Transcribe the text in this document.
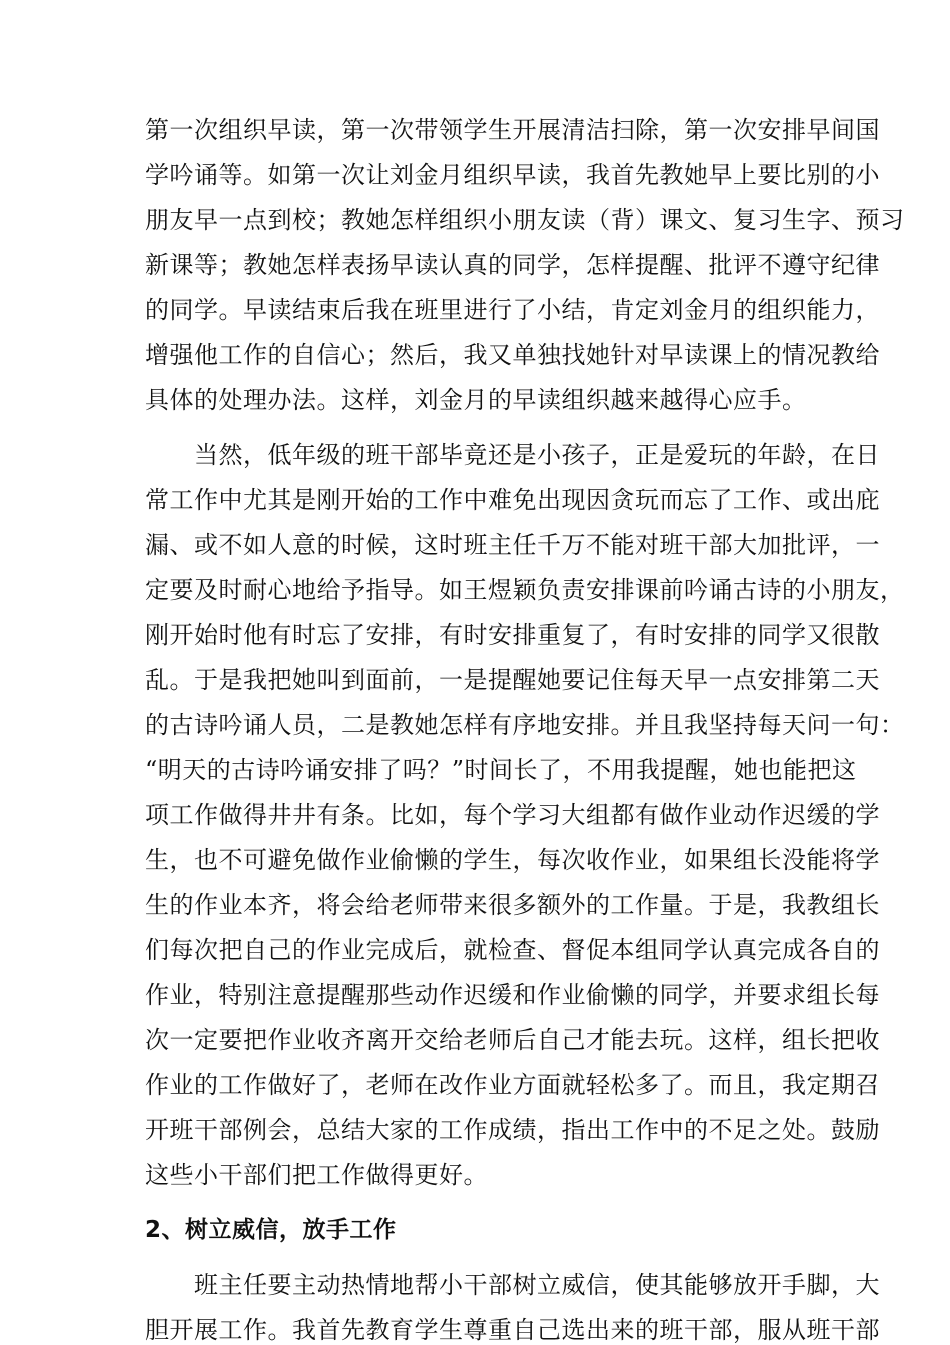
第一次组织早读，第一次带领学生开展清洁扫除，第一次安排早间国
学吟诵等。如第一次让刘金月组织早读，我首先教她早上要比别的小
朋友早一点到校；教她怎样组织小朋友读（背）课文、复习生字、预习
新课等；教她怎样表扬早读认真的同学，怎样提醒、批评不遵守纪律
的同学。早读结束后我在班里进行了小结，肯定刘金月的组织能力，
增强他工作的自信心；然后，我又单独找她针对早读课上的情况教给
具体的处理办法。这样，刘金月的早读组织越来越得心应手。
　　当然，低年级的班干部毕竟还是小孩子，正是爱玩的年龄，在日
常工作中尤其是刚开始的工作中难免出现因贪玩而忘了工作、或出庇
漏、或不如人意的时候，这时班主任千万不能对班干部大加批评，一
定要及时耐心地给予指导。如王煜颖负责安排课前吟诵古诗的小朋友，
刚开始时他有时忘了安排，有时安排重复了，有时安排的同学又很散
乱。于是我把她叫到面前，一是提醒她要记住每天早一点安排第二天
的古诗吟诵人员，二是教她怎样有序地安排。并且我坚持每天问一句：
“明天的古诗吟诵安排了吗？”时间长了，不用我提醒，她也能把这
项工作做得井井有条。比如，每个学习大组都有做作业动作迟缓的学
生，也不可避免做作业偷懒的学生，每次收作业，如果组长没能将学
生的作业本齐，将会给老师带来很多额外的工作量。于是，我教组长
们每次把自己的作业完成后，就检查、督促本组同学认真完成各自的
作业，特别注意提醒那些动作迟缓和作业偷懒的同学，并要求组长每
次一定要把作业收齐离开交给老师后自己才能去玩。这样，组长把收
作业的工作做好了，老师在改作业方面就轻松多了。而且，我定期召
开班干部例会，总结大家的工作成绩，指出工作中的不足之处。鼓励
这些小干部们把工作做得更好。
2、树立威信，放手工作
　　班主任要主动热情地帮小干部树立威信，使其能够放开手脚，大
胆开展工作。我首先教育学生尊重自己选出来的班干部，服从班干部
